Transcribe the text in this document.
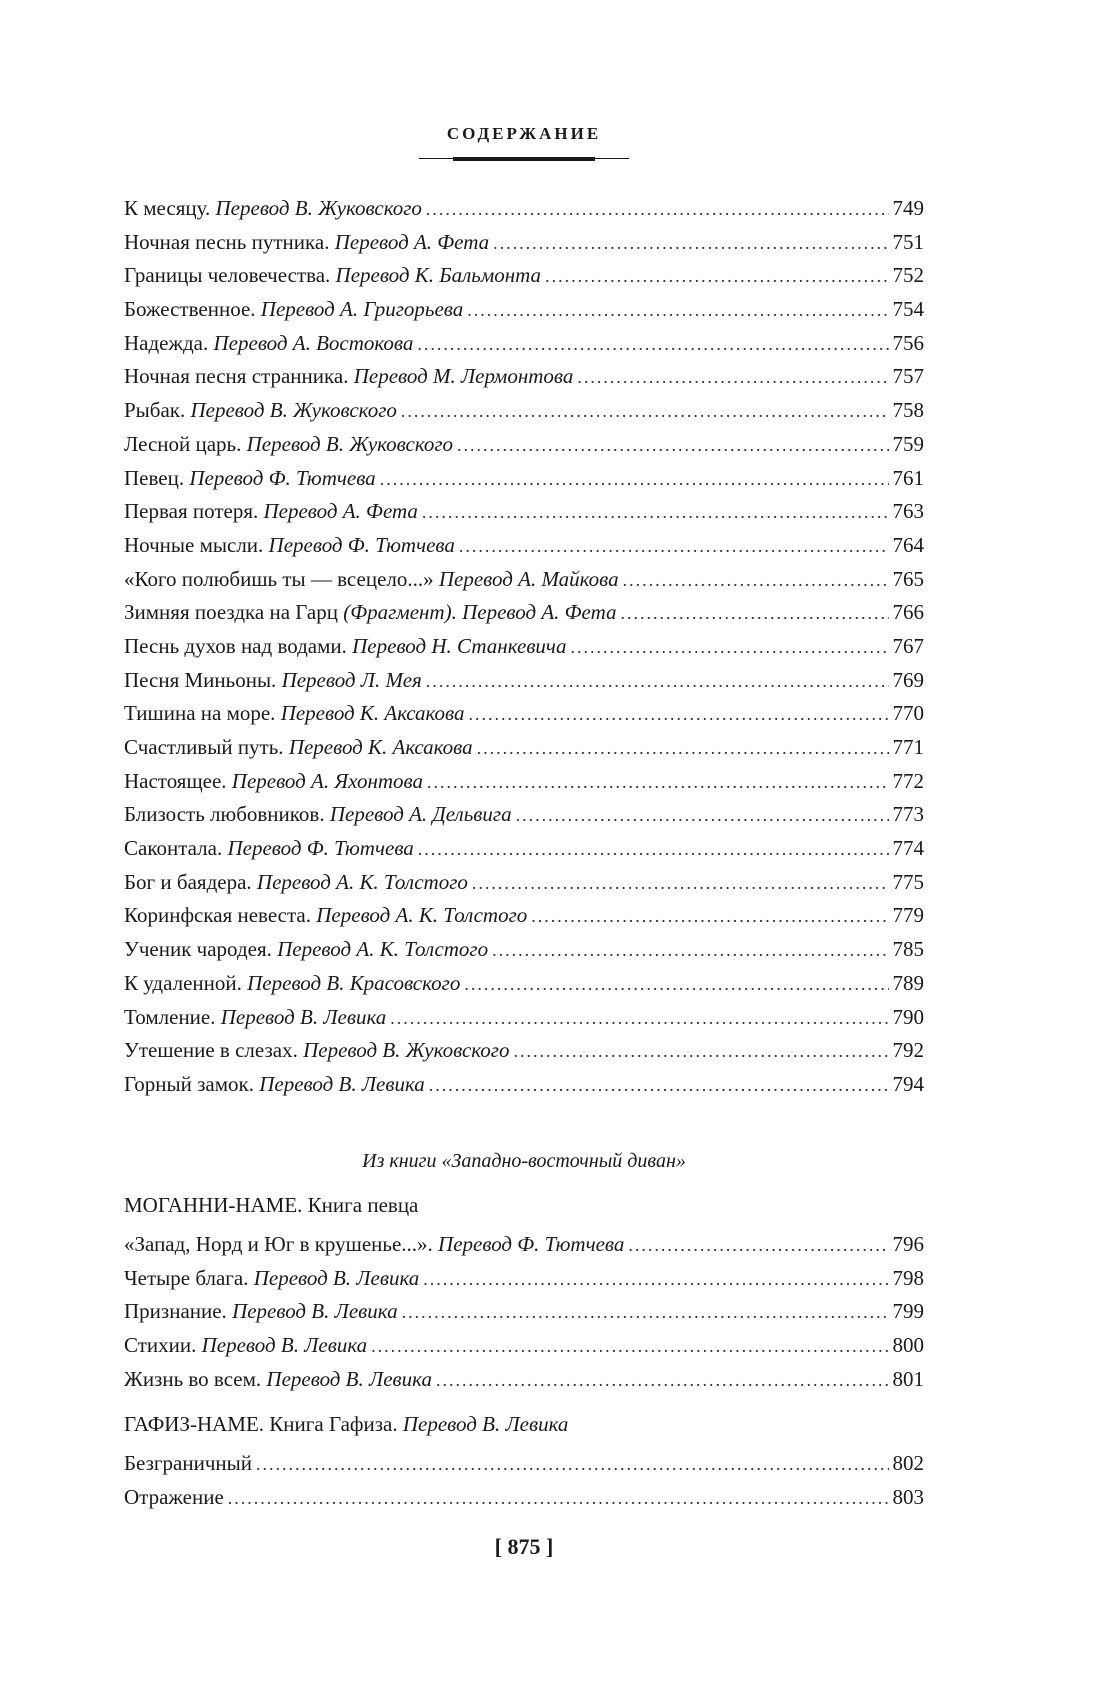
СОДЕРЖАНИЕ
К месяцу. Перевод В. Жуковского .....	749
Ночная песнь путника. Перевод А. Фета .....	751
Границы человечества. Перевод К. Бальмонта .....	752
Божественное. Перевод А. Григорьева .....	754
Надежда. Перевод А. Востокова .....	756
Ночная песня странника. Перевод М. Лермонтова .....	757
Рыбак. Перевод В. Жуковского .....	758
Лесной царь. Перевод В. Жуковского .....	759
Певец. Перевод Ф. Тютчева .....	761
Первая потеря. Перевод А. Фета .....	763
Ночные мысли. Перевод Ф. Тютчева .....	764
«Кого полюбишь ты — всецело...» Перевод А. Майкова .....	765
Зимняя поездка на Гарц (Фрагмент). Перевод А. Фета .....	766
Песнь духов над водами. Перевод Н. Станкевича .....	767
Песня Миньоны. Перевод Л. Мея .....	769
Тишина на море. Перевод К. Аксакова .....	770
Счастливый путь. Перевод К. Аксакова .....	771
Настоящее. Перевод А. Яхонтова .....	772
Близость любовников. Перевод А. Дельвига .....	773
Саконтала. Перевод Ф. Тютчева .....	774
Бог и баядера. Перевод А. К. Толстого .....	775
Коринфская невеста. Перевод А. К. Толстого .....	779
Ученик чародея. Перевод А. К. Толстого .....	785
К удаленной. Перевод В. Красовского .....	789
Томление. Перевод В. Левика .....	790
Утешение в слезах. Перевод В. Жуковского .....	792
Горный замок. Перевод В. Левика .....	794
Из книги «Западно-восточный диван»
МОГАННИ-НАМЕ. Книга певца
«Запад, Норд и Юг в крушенье...». Перевод Ф. Тютчева .....	796
Четыре блага. Перевод В. Левика .....	798
Признание. Перевод В. Левика .....	799
Стихии. Перевод В. Левика .....	800
Жизнь во всем. Перевод В. Левика .....	801
ГАФИЗ-НАМЕ. Книга Гафиза. Перевод В. Левика
Безграничный .....	802
Отражение .....	803
[ 875 ]
